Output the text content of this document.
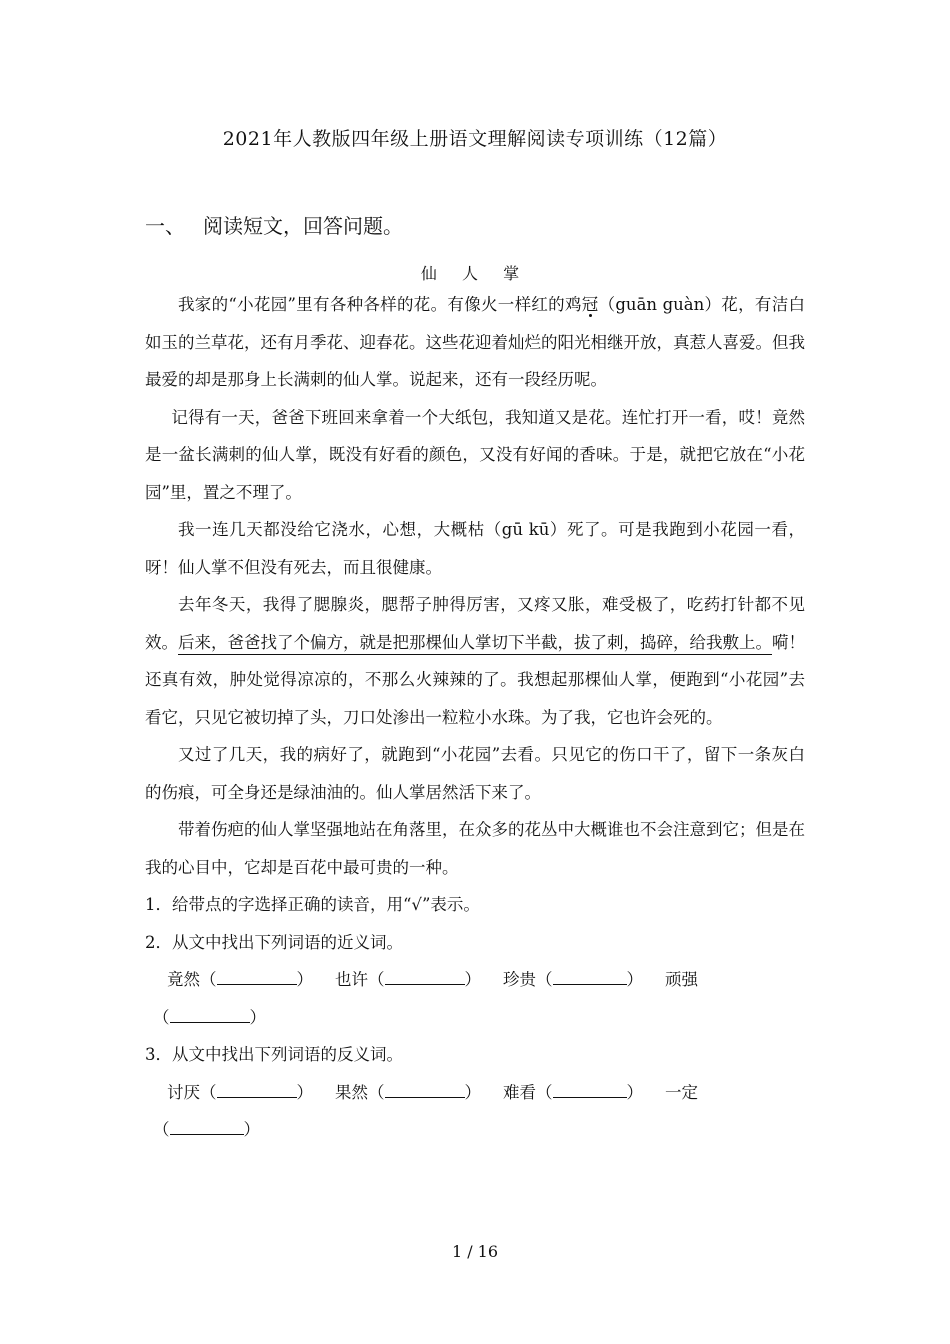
2021年人教版四年级上册语文理解阅读专项训练（12篇）
一、 阅读短文，回答问题。
仙 人 掌

我家的“小花园”里有各种各样的花。有像火一样红的鸡冠（guān guàn）花，有洁白如玉的兰草花，还有月季花、迎春花。这些花迎着灿烂的阳光相继开放，真惹人喜爱。但我最爱的却是那身上长满刺的仙人掌。说起来，还有一段经历呢。

记得有一天，爸爸下班回来拿着一个大纸包，我知道又是花。连忙打开一看，哎！竟然是一盆长满刺的仙人掌，既没有好看的颜色，又没有好闻的香味。于是，就把它放在“小花园”里，置之不理了。

我一连几天都没给它浇水，心想，大概枯（gū kū）死了。可是我跑到小花园一看，呀！仙人掌不但没有死去，而且很健康。

去年冬天，我得了腮腺炎，腮帮子肿得厉害，又疼又胀，难受极了，吃药打针都不见效。后来，爸爸找了个偏方，就是把那棵仙人掌切下半截，拔了刺，捣碎，给我敷上。嗬！还真有效，肿处觉得凉凉的，不那么火辣辣的了。我想起那棵仙人掌，便跑到“小花园”去看它，只见它被切掉了头，刀口处渗出一粒粒小水珠。为了我，它也许会死的。

又过了几天，我的病好了，就跑到“小花园”去看。只见它的伤口干了，留下一条灰白的伤痕，可全身还是绿油油的。仙人掌居然活下来了。

带着伤疤的仙人掌坚强地站在角落里，在众多的花丛中大概谁也不会注意到它；但是在我的心目中，它却是百花中最可贵的一种。

1．给带点的字选择正确的读音，用“√”表示。

2．从文中找出下列词语的近义词。

竟然（	） 也许（	） 珍贵（	） 顽强
（	）

3．从文中找出下列词语的反义词。

讨厌（	） 果然（	） 难看（	） 一定
（	）

1 / 16
